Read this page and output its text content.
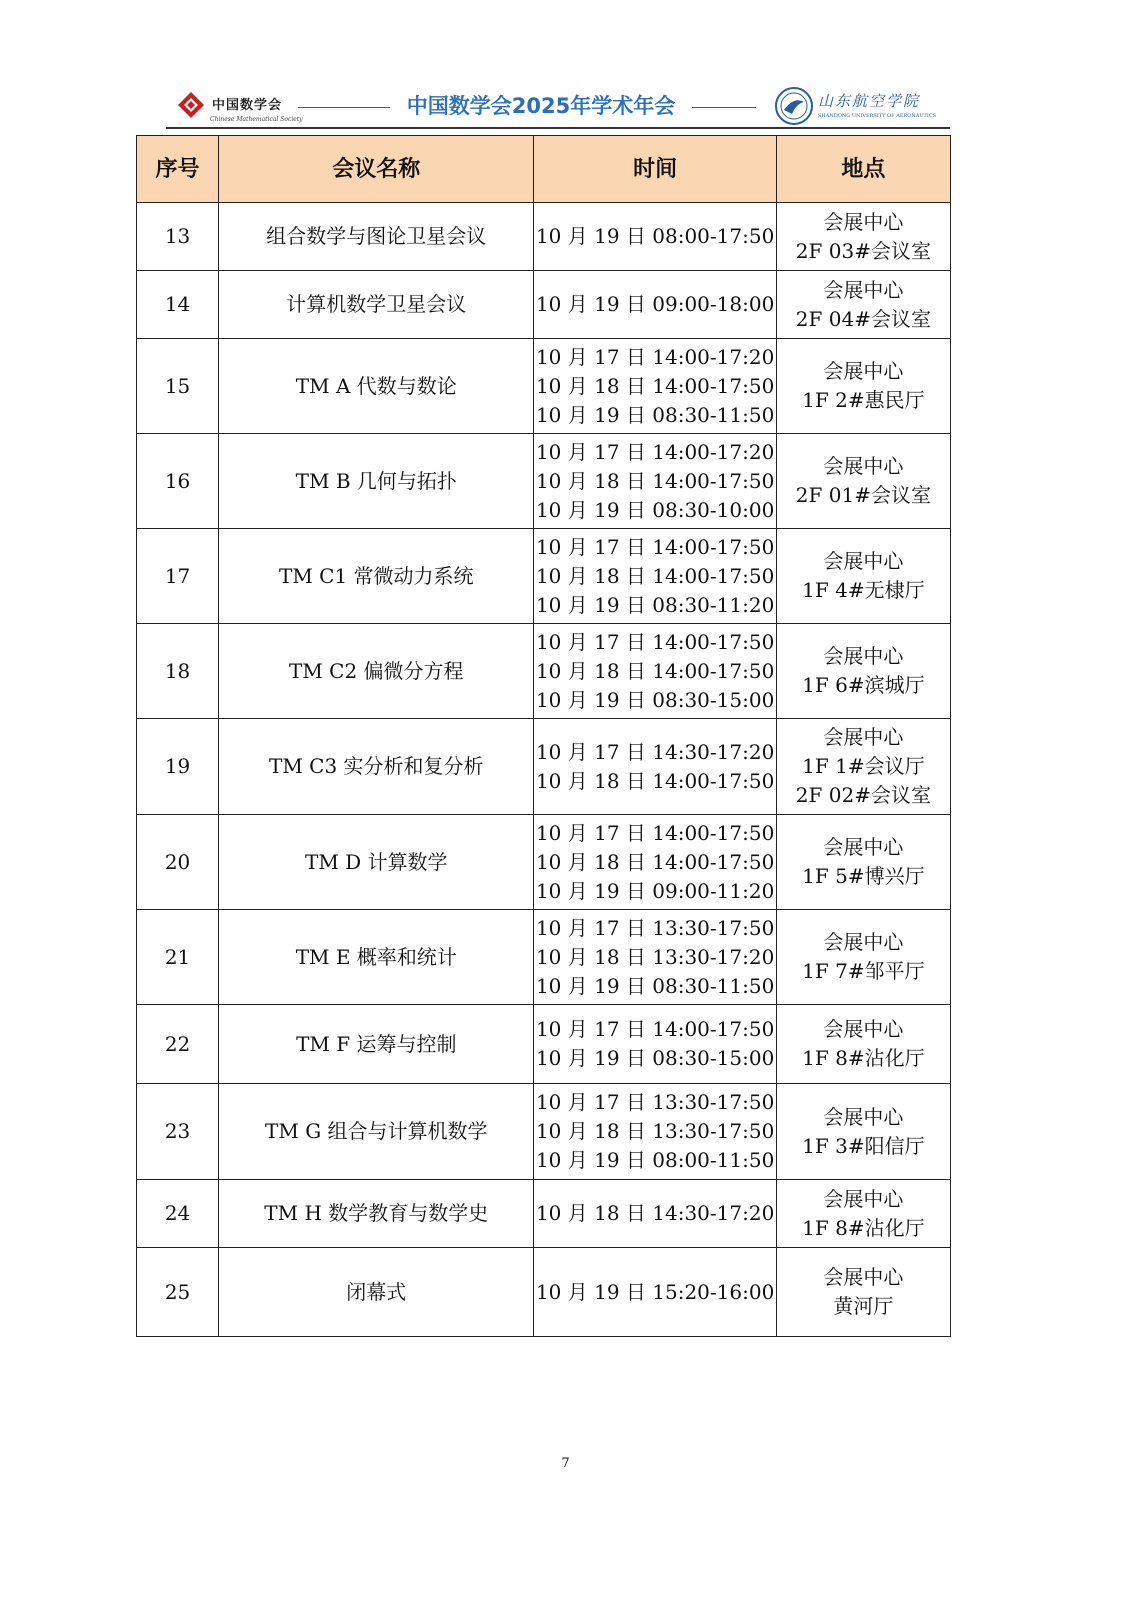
中国数学会
Chinese Mathematical Society
中国数学会2025年学术年会	山东航空学院
SHANDONG UNIVERSITY OF AERONAUTICS
序号	会议名称	时间	地点
13	组合数学与图论卫星会议	10 月 19 日 08:00-17:50	会展中心
2F 03#会议室

14	计算机数学卫星会议	10 月 19 日 09:00-18:00	会展中心
2F 04#会议室

15	TM A 代数与数论	10 月 17 日 14:00-17:20
10 月 18 日 14:00-17:50
10 月 19 日 08:30-11:50	会展中心
1F 2#惠民厅

16	TM B 几何与拓扑	10 月 17 日 14:00-17:20
10 月 18 日 14:00-17:50
10 月 19 日 08:30-10:00	会展中心
2F 01#会议室

17	TM C1 常微动力系统	10 月 17 日 14:00-17:50
10 月 18 日 14:00-17:50
10 月 19 日 08:30-11:20	会展中心
1F 4#无棣厅

18	TM C2 偏微分方程	10 月 17 日 14:00-17:50
10 月 18 日 14:00-17:50
10 月 19 日 08:30-15:00	会展中心
1F 6#滨城厅

19	TM C3 实分析和复分析	10 月 17 日 14:30-17:20
10 月 18 日 14:00-17:50	会展中心
1F 1#会议厅
2F 02#会议室

20	TM D 计算数学	10 月 17 日 14:00-17:50
10 月 18 日 14:00-17:50
10 月 19 日 09:00-11:20	会展中心
1F 5#博兴厅

21	TM E 概率和统计	10 月 17 日 13:30-17:50
10 月 18 日 13:30-17:20
10 月 19 日 08:30-11:50	会展中心
1F 7#邹平厅

22	TM F 运筹与控制	10 月 17 日 14:00-17:50
10 月 19 日 08:30-15:00	会展中心
1F 8#沾化厅

23	TM G 组合与计算机数学	10 月 17 日 13:30-17:50
10 月 18 日 13:30-17:50
10 月 19 日 08:00-11:50	会展中心
1F 3#阳信厅

24	TM H 数学教育与数学史	10 月 18 日 14:30-17:20	会展中心
1F 8#沾化厅

25	闭幕式	10 月 19 日 15:20-16:00	会展中心
黄河厅
7
